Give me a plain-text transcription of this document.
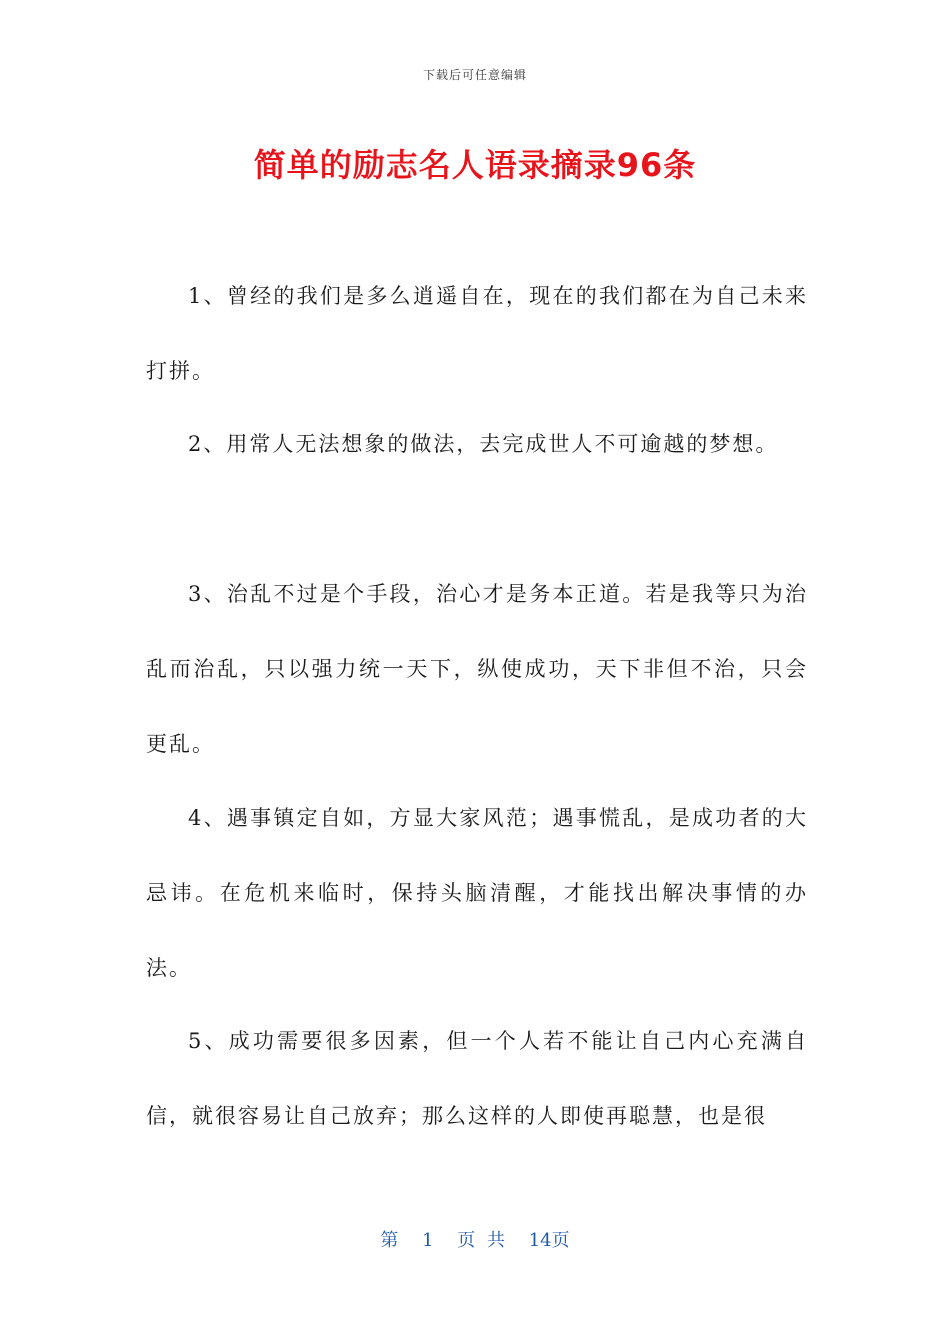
下载后可任意编辑
简单的励志名人语录摘录96条

1、曾经的我们是多么逍遥自在，现在的我们都在为自己未来打拼。

2、用常人无法想象的做法，去完成世人不可逾越的梦想。

3、治乱不过是个手段，治心才是务本正道。若是我等只为治乱而治乱，只以强力统一天下，纵使成功，天下非但不治，只会更乱。

4、遇事镇定自如，方显大家风范；遇事慌乱，是成功者的大忌讳。在危机来临时，保持头脑清醒，才能找出解决事情的办法。

5、成功需要很多因素，但一个人若不能让自己内心充满自信，就很容易让自己放弃；那么这样的人即使再聪慧，也是很

第 1 页 共 14页
